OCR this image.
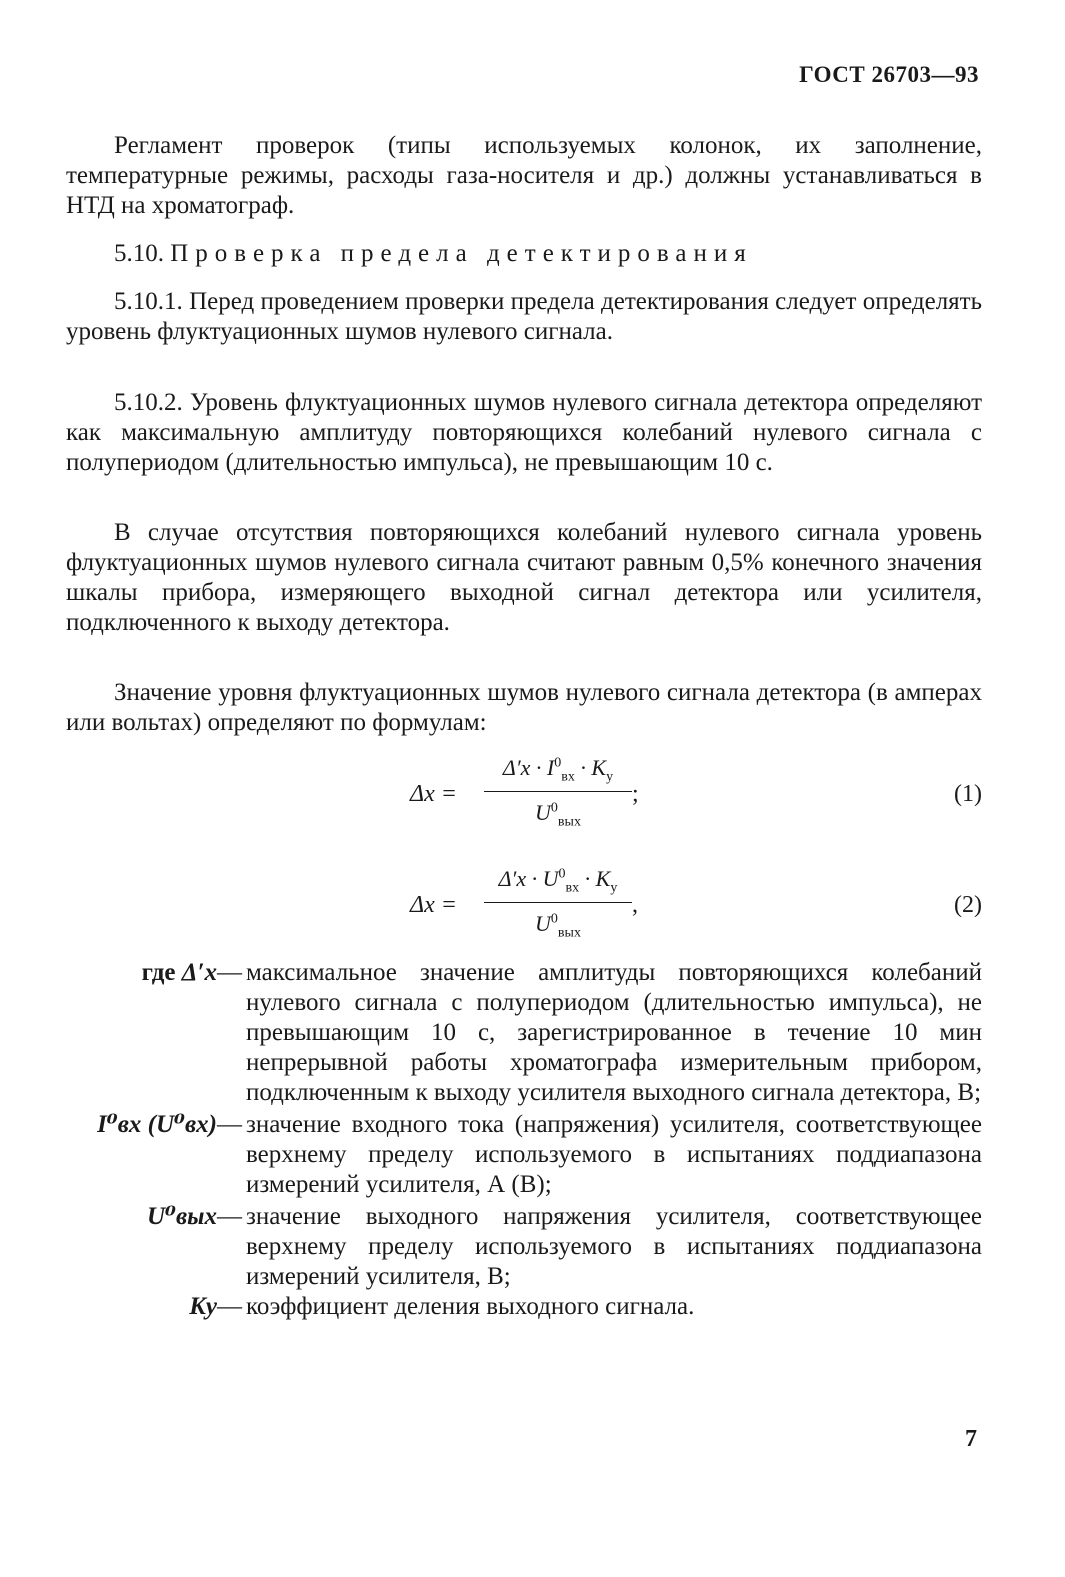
ГОСТ 26703—93

Регламент проверок (типы используемых колонок, их заполнение, температурные режимы, расходы газа-носителя и др.) должны устанавливаться в НТД на хроматограф.

5.10. Проверка предела детектирования

5.10.1. Перед проведением проверки предела детектирования следует определять уровень флуктуационных шумов нулевого сигнала.

5.10.2. Уровень флуктуационных шумов нулевого сигнала детектора определяют как максимальную амплитуду повторяющихся колебаний нулевого сигнала с полупериодом (длительностью импульса), не превышающим 10 с.

В случае отсутствия повторяющихся колебаний нулевого сигнала уровень флуктуационных шумов нулевого сигнала считают равным 0,5% конечного значения шкалы прибора, измеряющего выходной сигнал детектора или усилителя, подключенного к выходу детектора.

Значение уровня флуктуационных шумов нулевого сигнала детектора (в амперах или вольтах) определяют по формулам:

Δx =
$\Delta'x \cdot I^0_{вх} \cdot K_у$
$U^0_{вых}$
;	(1)
Δx =
$\Delta'x \cdot U^0_{вх} \cdot K_у$
$U^0_{вых}$
,	(2)
где Δ′x— максимальное значение амплитуды повторяющихся колебаний нулевого сигнала с полупериодом (длительностью импульса), не превышающим 10 с, зарегистрированное в течение 10 мин непрерывной работы хроматографа измерительным прибором, подключенным к выходу усилителя выходного сигнала детектора, В;
I⁰вх (U⁰вх)— значение входного тока (напряжения) усилителя, соответствующее верхнему пределу используемого в испытаниях поддиапазона измерений усилителя, А (В);
U⁰вых— значение выходного напряжения усилителя, соответствующее верхнему пределу используемого в испытаниях поддиапазона измерений усилителя, В;
Kу— коэффициент деления выходного сигнала.
7
